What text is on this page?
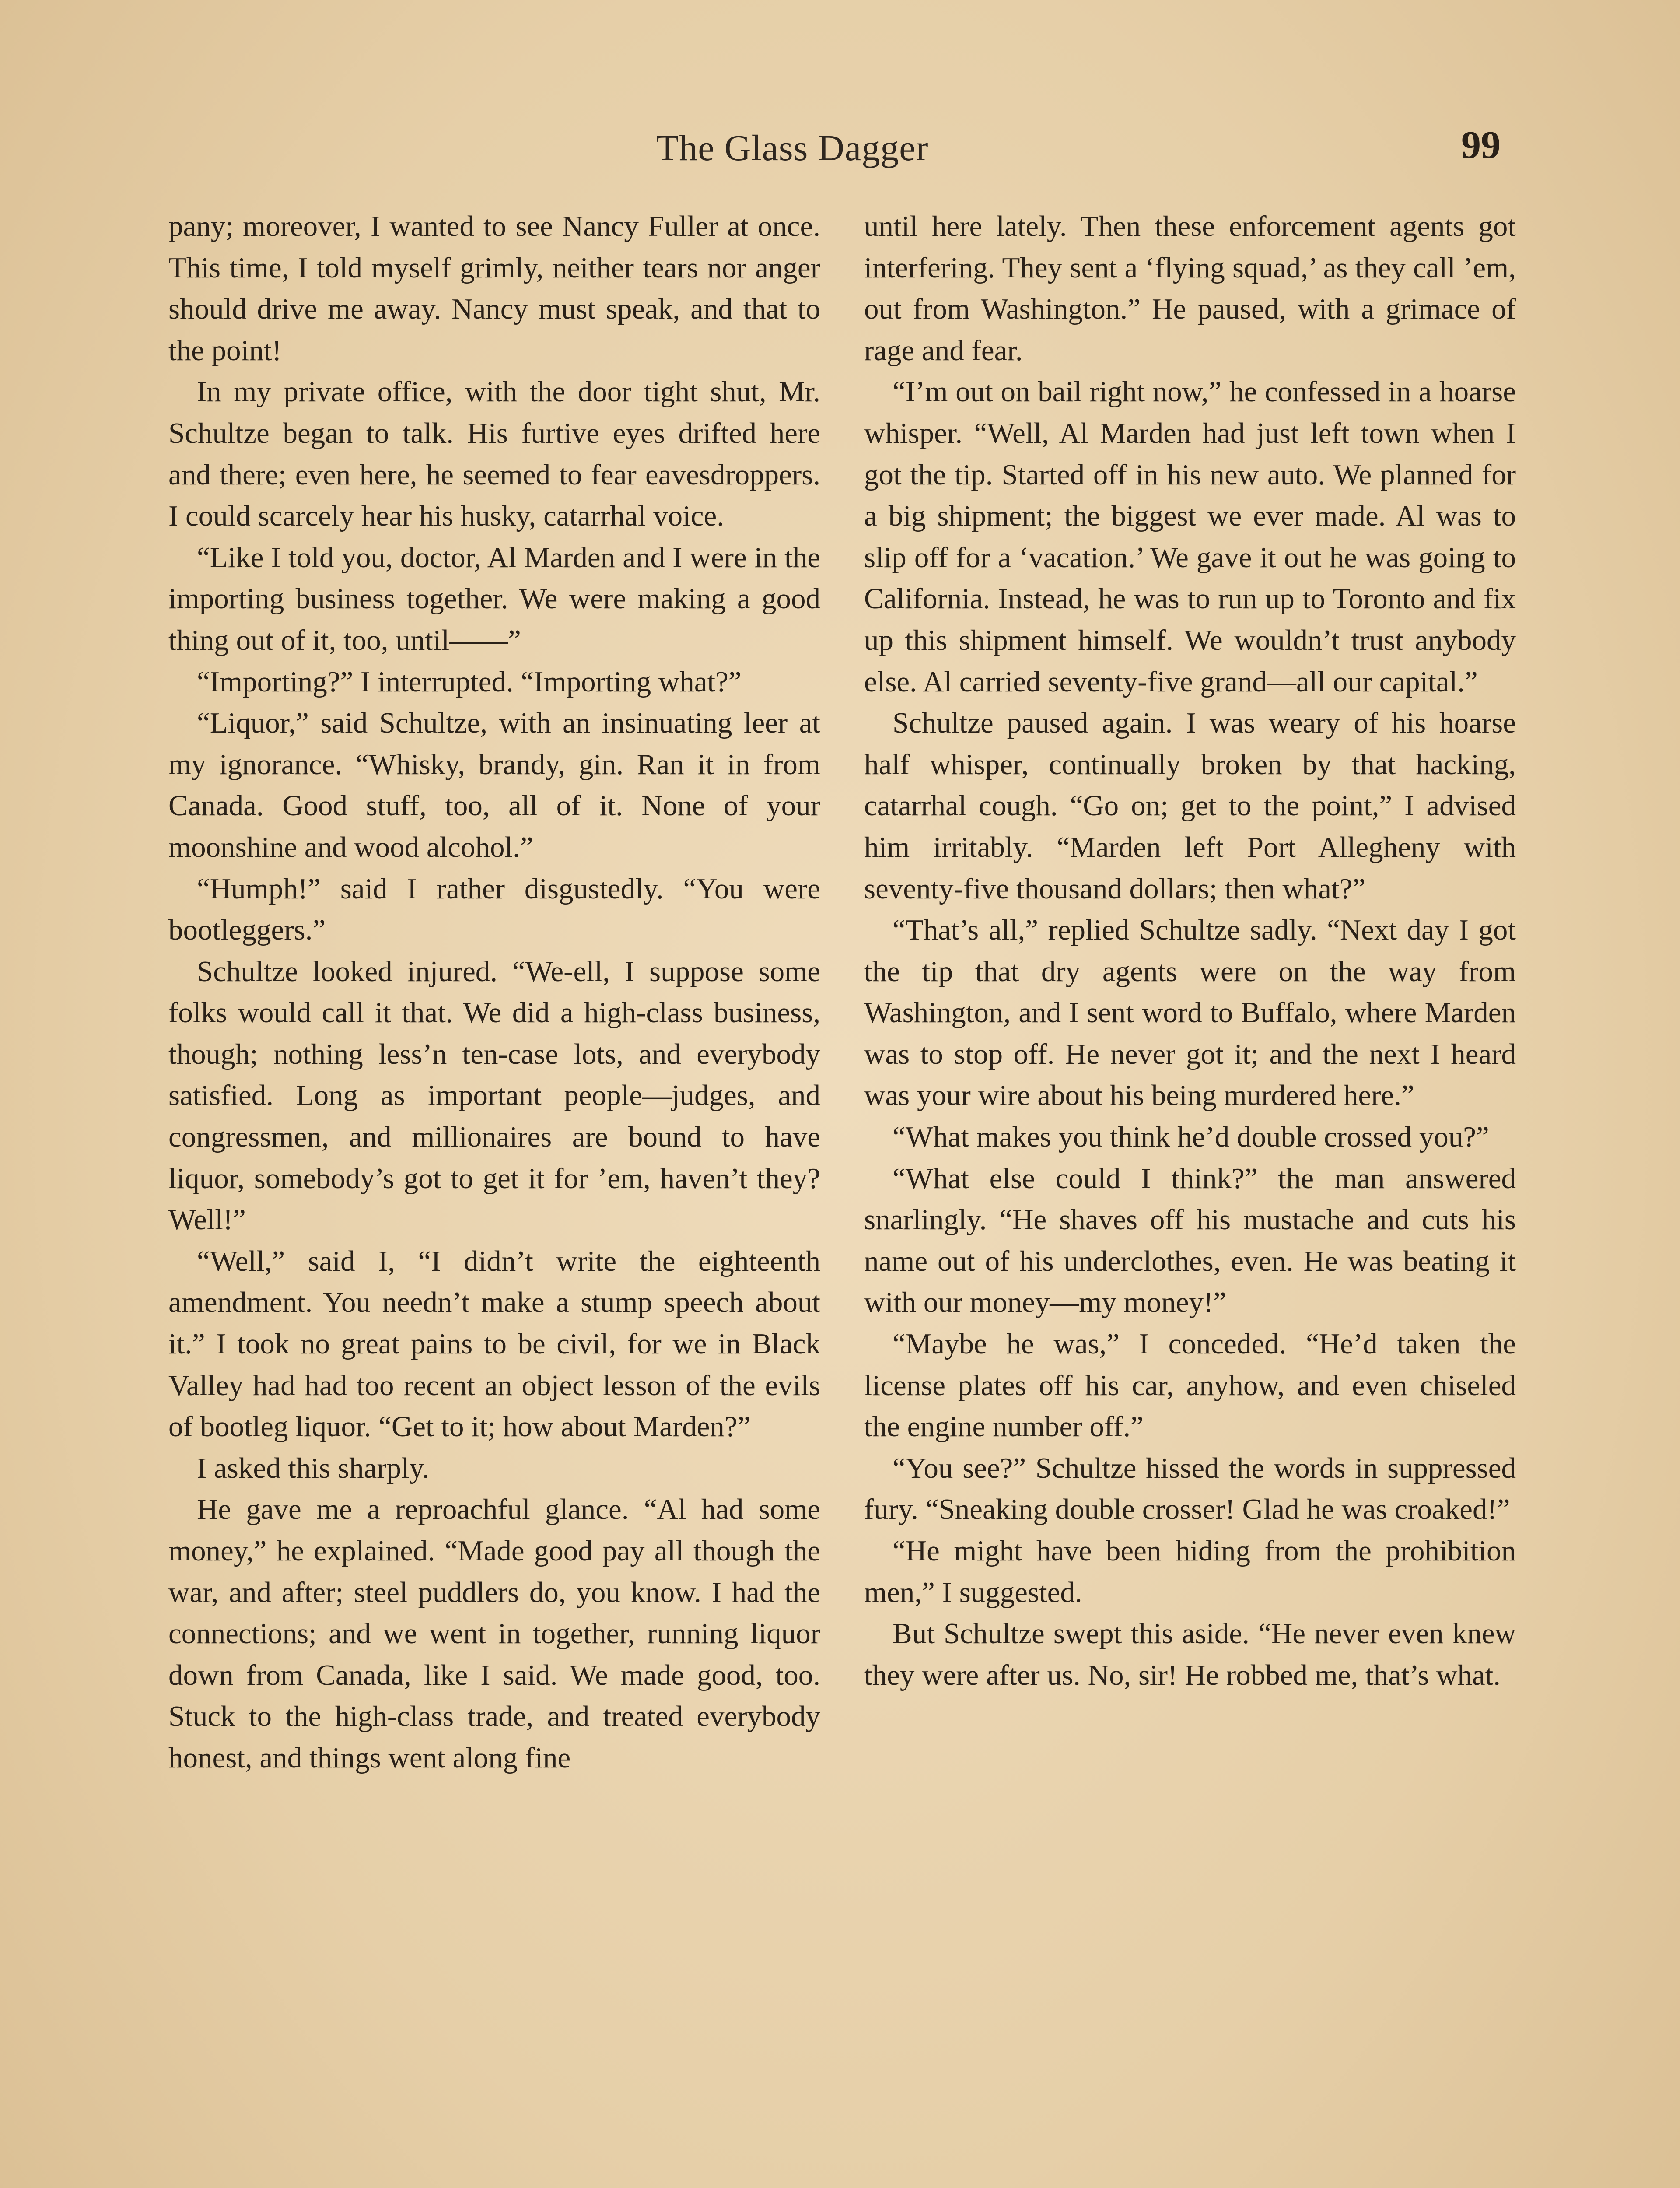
The Glass Dagger	99

pany; moreover, I wanted to see Nancy Fuller at once. This time, I told myself grimly, neither tears nor anger should drive me away. Nancy must speak, and that to the point!

In my private office, with the door tight shut, Mr. Schultze began to talk. His furtive eyes drifted here and there; even here, he seemed to fear eavesdroppers. I could scarcely hear his husky, catarrhal voice.

“Like I told you, doctor, Al Marden and I were in the importing business together. We were making a good thing out of it, too, until——”

“Importing?” I interrupted. “Importing what?”

“Liquor,” said Schultze, with an insinuating leer at my ignorance. “Whisky, brandy, gin. Ran it in from Canada. Good stuff, too, all of it. None of your moonshine and wood alcohol.”

“Humph!” said I rather disgustedly. “You were bootleggers.”

Schultze looked injured. “We-ell, I suppose some folks would call it that. We did a high-class business, though; nothing less’n ten-case lots, and everybody satisfied. Long as important people—judges, and congressmen, and millionaires are bound to have liquor, somebody’s got to get it for ’em, haven’t they? Well!”

“Well,” said I, “I didn’t write the eighteenth amendment. You needn’t make a stump speech about it.” I took no great pains to be civil, for we in Black Valley had had too recent an object lesson of the evils of bootleg liquor. “Get to it; how about Marden?”

I asked this sharply.

He gave me a reproachful glance. “Al had some money,” he explained. “Made good pay all though the war, and after; steel puddlers do, you know. I had the connections; and we went in together, running liquor down from Canada, like I said. We made good, too. Stuck to the high-class trade, and treated everybody honest, and things went along fine

until here lately. Then these enforcement agents got interfering. They sent a ‘flying squad,’ as they call ’em, out from Washington.” He paused, with a grimace of rage and fear.

“I’m out on bail right now,” he confessed in a hoarse whisper. “Well, Al Marden had just left town when I got the tip. Started off in his new auto. We planned for a big shipment; the biggest we ever made. Al was to slip off for a ‘vacation.’ We gave it out he was going to California. Instead, he was to run up to Toronto and fix up this shipment himself. We wouldn’t trust anybody else. Al carried seventy-five grand—all our capital.”

Schultze paused again. I was weary of his hoarse half whisper, continually broken by that hacking, catarrhal cough. “Go on; get to the point,” I advised him irritably. “Marden left Port Allegheny with seventy-five thousand dollars; then what?”

“That’s all,” replied Schultze sadly. “Next day I got the tip that dry agents were on the way from Washington, and I sent word to Buffalo, where Marden was to stop off. He never got it; and the next I heard was your wire about his being murdered here.”

“What makes you think he’d double crossed you?”

“What else could I think?” the man answered snarlingly. “He shaves off his mustache and cuts his name out of his underclothes, even. He was beating it with our money—my money!”

“Maybe he was,” I conceded. “He’d taken the license plates off his car, anyhow, and even chiseled the engine number off.”

“You see?” Schultze hissed the words in suppressed fury. “Sneaking double crosser! Glad he was croaked!”

“He might have been hiding from the prohibition men,” I suggested.

But Schultze swept this aside. “He never even knew they were after us. No, sir! He robbed me, that’s what.
